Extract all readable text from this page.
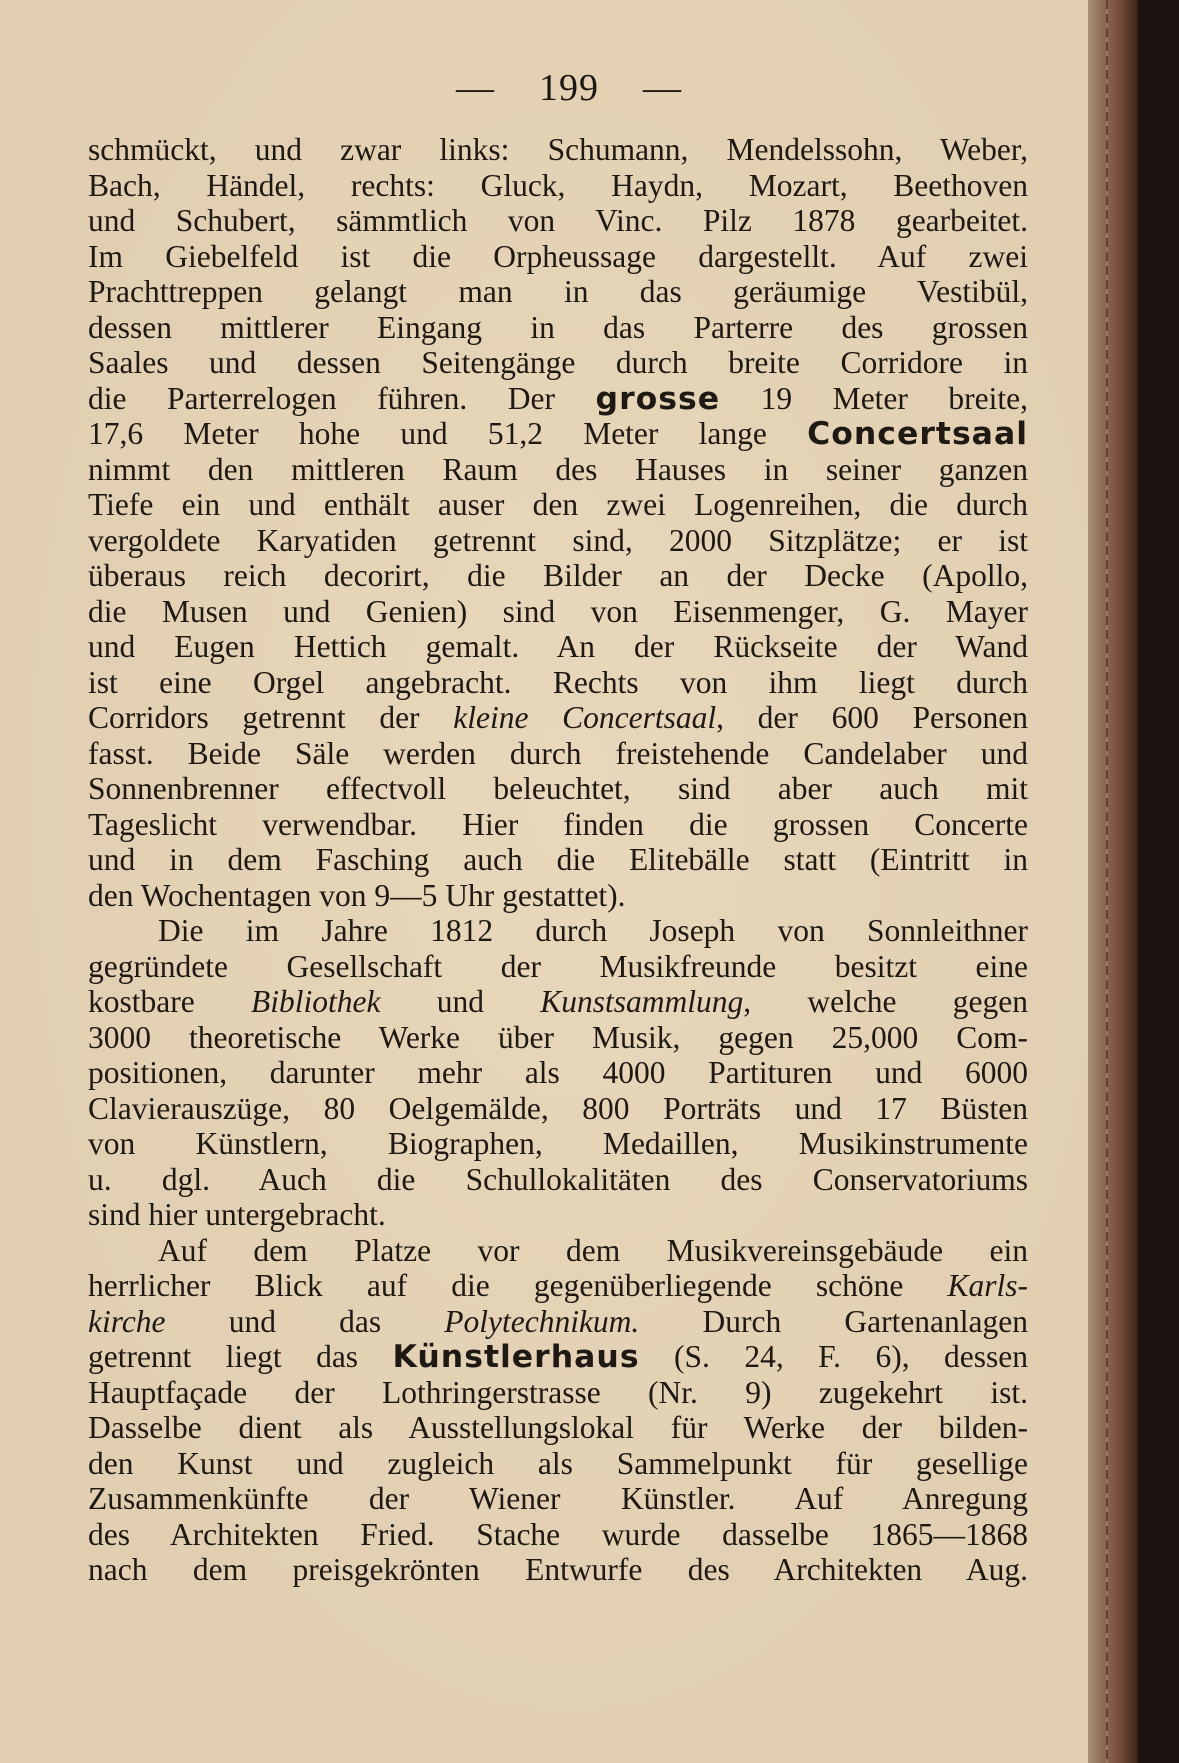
— 199 —
schmückt, und zwar links: Schumann, Mendelssohn, Weber,
Bach, Händel, rechts: Gluck, Haydn, Mozart, Beethoven
und Schubert, sämmtlich von Vinc. Pilz 1878 gearbeitet.
Im Giebelfeld ist die Orpheussage dargestellt. Auf zwei
Prachttreppen gelangt man in das geräumige Vestibül,
dessen mittlerer Eingang in das Parterre des grossen
Saales und dessen Seitengänge durch breite Corridore in
die Parterrelogen führen. Der grosse 19 Meter breite,
17,6 Meter hohe und 51,2 Meter lange Concertsaal
nimmt den mittleren Raum des Hauses in seiner ganzen
Tiefe ein und enthält auser den zwei Logenreihen, die durch
vergoldete Karyatiden getrennt sind, 2000 Sitzplätze; er ist
überaus reich decorirt, die Bilder an der Decke (Apollo,
die Musen und Genien) sind von Eisenmenger, G. Mayer
und Eugen Hettich gemalt. An der Rückseite der Wand
ist eine Orgel angebracht. Rechts von ihm liegt durch
Corridors getrennt der kleine Concertsaal, der 600 Personen
fasst. Beide Säle werden durch freistehende Candelaber und
Sonnenbrenner effectvoll beleuchtet, sind aber auch mit
Tageslicht verwendbar. Hier finden die grossen Concerte
und in dem Fasching auch die Elitebälle statt (Eintritt in
den Wochentagen von 9—5 Uhr gestattet).
Die im Jahre 1812 durch Joseph von Sonnleithner
gegründete Gesellschaft der Musikfreunde besitzt eine
kostbare Bibliothek und Kunstsammlung, welche gegen
3000 theoretische Werke über Musik, gegen 25,000 Com-
positionen, darunter mehr als 4000 Partituren und 6000
Clavierauszüge, 80 Oelgemälde, 800 Porträts und 17 Büsten
von Künstlern, Biographen, Medaillen, Musikinstrumente
u. dgl. Auch die Schullokalitäten des Conservatoriums
sind hier untergebracht.
Auf dem Platze vor dem Musikvereinsgebäude ein
herrlicher Blick auf die gegenüberliegende schöne Karls-
kirche und das Polytechnikum. Durch Gartenanlagen
getrennt liegt das Künstlerhaus (S. 24, F. 6), dessen
Hauptfaçade der Lothringerstrasse (Nr. 9) zugekehrt ist.
Dasselbe dient als Ausstellungslokal für Werke der bilden-
den Kunst und zugleich als Sammelpunkt für gesellige
Zusammenkünfte der Wiener Künstler. Auf Anregung
des Architekten Fried. Stache wurde dasselbe 1865—1868
nach dem preisgekrönten Entwurfe des Architekten Aug.
